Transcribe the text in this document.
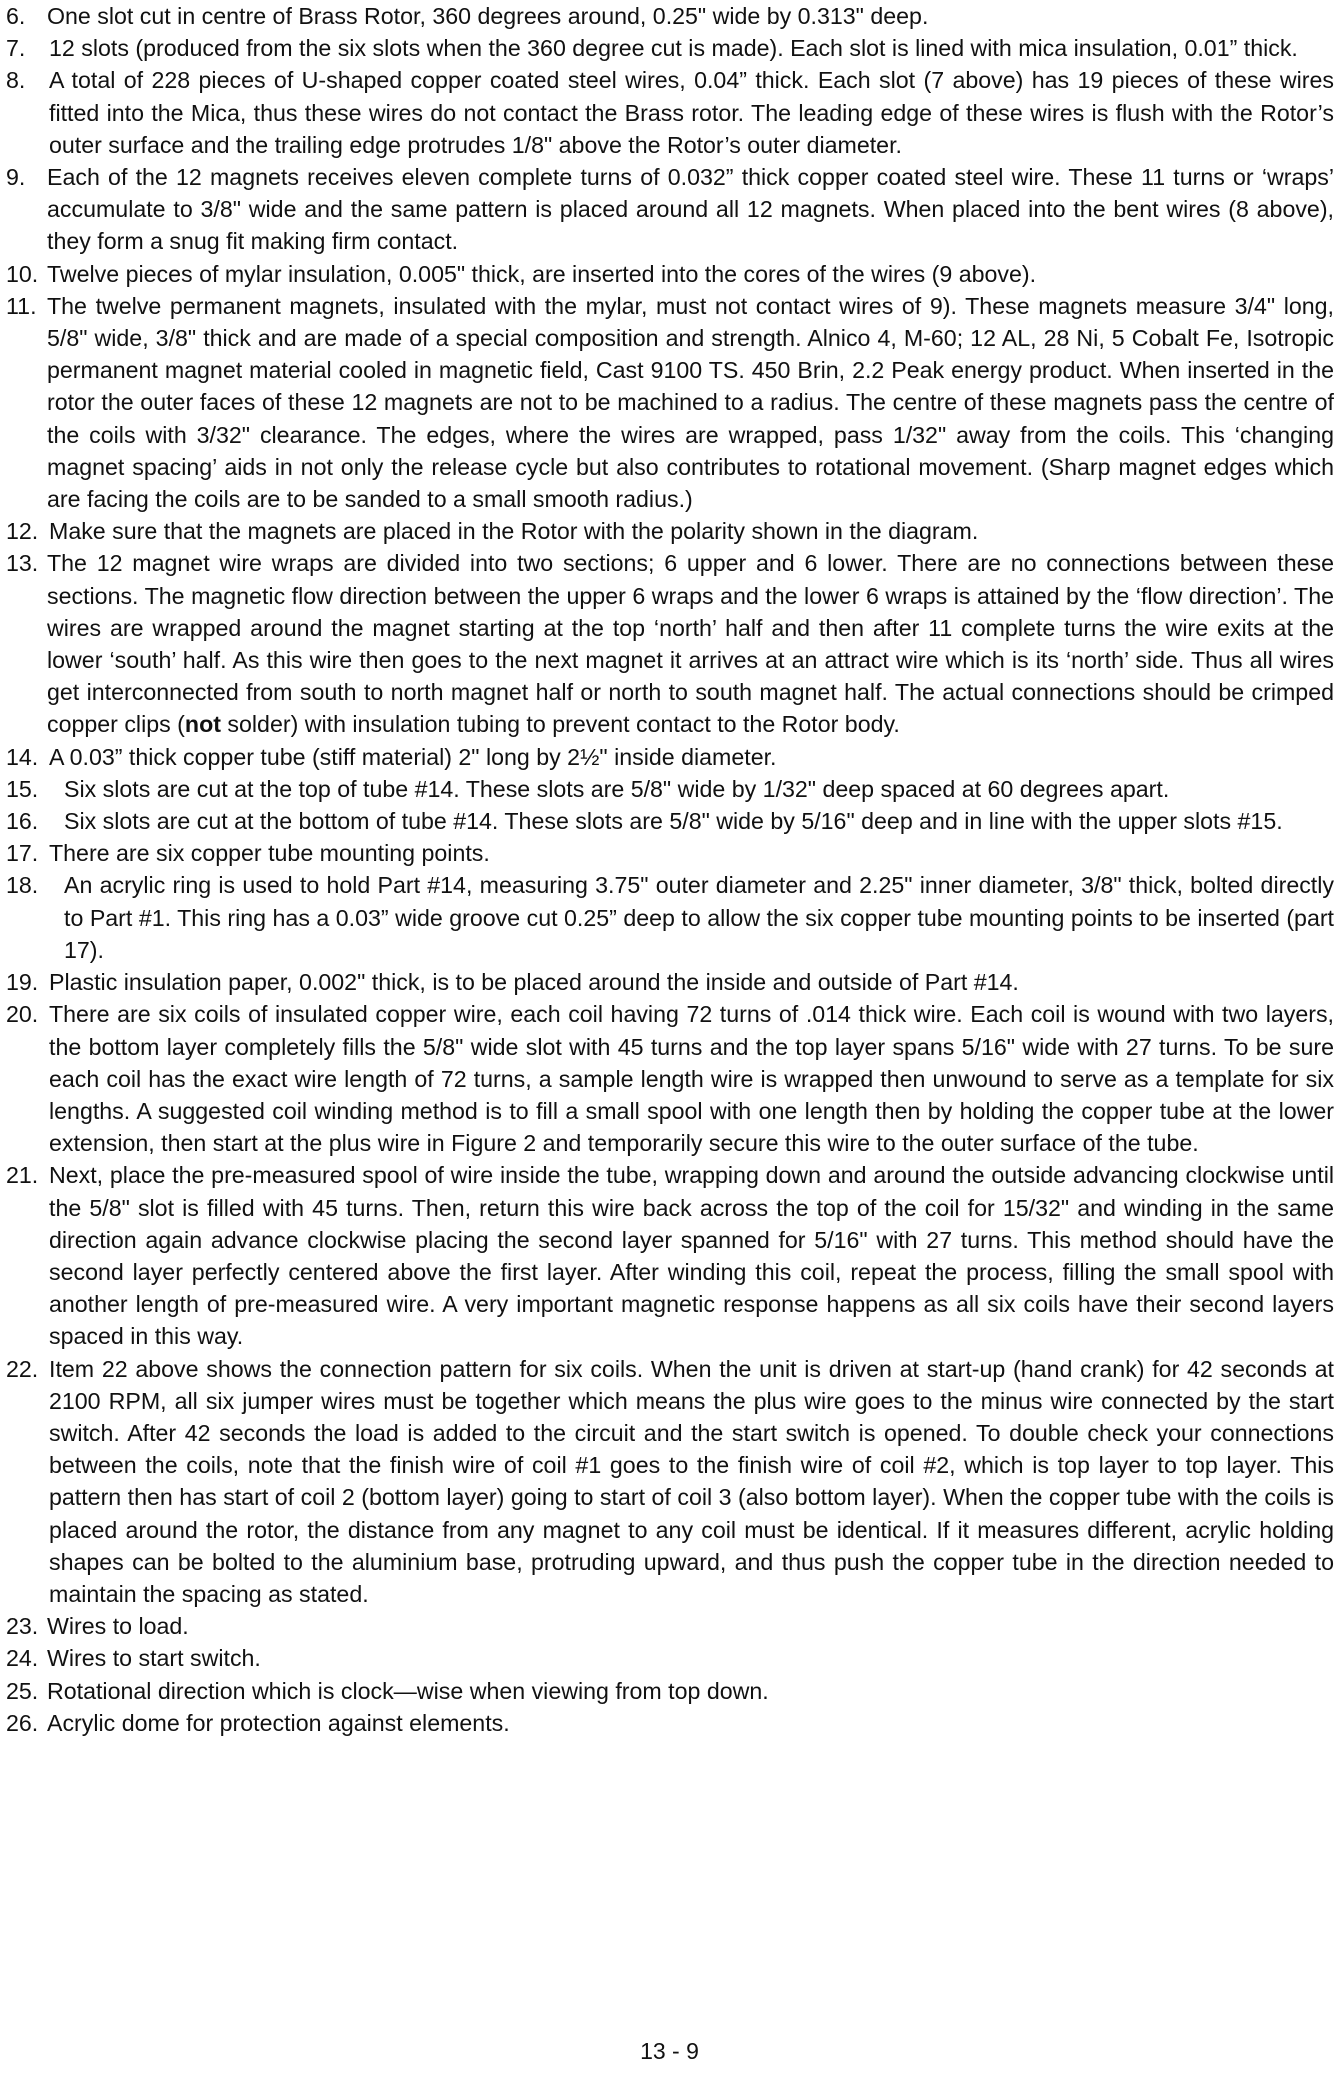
6. One slot cut in centre of Brass Rotor, 360 degrees around, 0.25" wide by 0.313" deep.
7.	12 slots (produced from the six slots when the 360 degree cut is made). Each slot is lined with mica insulation, 0.01” thick.
8.	A total of 228 pieces of U-shaped copper coated steel wires, 0.04” thick. Each slot (7 above) has 19 pieces of these wires fitted into the Mica, thus these wires do not contact the Brass rotor. The leading edge of these wires is flush with the Rotor’s outer surface and the trailing edge protrudes 1/8" above the Rotor’s outer diameter.
9. Each of the 12 magnets receives eleven complete turns of 0.032” thick copper coated steel wire. These 11 turns or ‘wraps’ accumulate to 3/8" wide and the same pattern is placed around all 12 magnets. When placed into the bent wires (8 above), they form a snug fit making firm contact.
10. Twelve pieces of mylar insulation, 0.005" thick, are inserted into the cores of the wires (9 above).
11. The twelve permanent magnets, insulated with the mylar, must not contact wires of 9). These magnets measure 3/4" long, 5/8" wide, 3/8" thick and are made of a special composition and strength. Alnico 4, M-60; 12 AL, 28 Ni, 5 Cobalt Fe, Isotropic permanent magnet material cooled in magnetic field, Cast 9100 TS. 450 Brin, 2.2 Peak energy product. When inserted in the rotor the outer faces of these 12 magnets are not to be machined to a radius. The centre of these magnets pass the centre of the coils with 3/32" clearance. The edges, where the wires are wrapped, pass 1/32" away from the coils. This ‘changing magnet spacing’ aids in not only the release cycle but also contributes to rotational movement. (Sharp magnet edges which are facing the coils are to be sanded to a small smooth radius.)
12. Make sure that the magnets are placed in the Rotor with the polarity shown in the diagram.
13. The 12 magnet wire wraps are divided into two sections; 6 upper and 6 lower. There are no connections between these sections. The magnetic flow direction between the upper 6 wraps and the lower 6 wraps is attained by the ‘flow direction’. The wires are wrapped around the magnet starting at the top ‘north’ half and then after 11 complete turns the wire exits at the lower ‘south’ half. As this wire then goes to the next magnet it arrives at an attract wire which is its ‘north’ side. Thus all wires get interconnected from south to north magnet half or north to south magnet half. The actual connections should be crimped copper clips (not solder) with insulation tubing to prevent contact to the Rotor body.
14. A 0.03” thick copper tube (stiff material) 2" long by 2½" inside diameter.
15.	Six slots are cut at the top of tube #14. These slots are 5/8" wide by 1/32" deep spaced at 60 degrees apart.
16.	Six slots are cut at the bottom of tube #14. These slots are 5/8" wide by 5/16" deep and in line with the upper slots #15.
17. There are six copper tube mounting points.
18.	An acrylic ring is used to hold Part #14, measuring 3.75" outer diameter and 2.25" inner diameter, 3/8" thick, bolted directly to Part #1. This ring has a 0.03” wide groove cut 0.25” deep to allow the six copper tube mounting points to be inserted (part 17).
19. Plastic insulation paper, 0.002" thick, is to be placed around the inside and outside of Part #14.
20. There are six coils of insulated copper wire, each coil having 72 turns of .014 thick wire. Each coil is wound with two layers, the bottom layer completely fills the 5/8" wide slot with 45 turns and the top layer spans 5/16" wide with 27 turns. To be sure each coil has the exact wire length of 72 turns, a sample length wire is wrapped then unwound to serve as a template for six lengths. A suggested coil winding method is to fill a small spool with one length then by holding the copper tube at the lower extension, then start at the plus wire in Figure 2 and temporarily secure this wire to the outer surface of the tube.
21. Next, place the pre-measured spool of wire inside the tube, wrapping down and around the outside advancing clockwise until the 5/8" slot is filled with 45 turns. Then, return this wire back across the top of the coil for 15/32" and winding in the same direction again advance clockwise placing the second layer spanned for 5/16" with 27 turns. This method should have the second layer perfectly centered above the first layer. After winding this coil, repeat the process, filling the small spool with another length of pre-measured wire. A very important magnetic response happens as all six coils have their second layers spaced in this way.
22. Item 22 above shows the connection pattern for six coils. When the unit is driven at start-up (hand crank) for 42 seconds at 2100 RPM, all six jumper wires must be together which means the plus wire goes to the minus wire connected by the start switch. After 42 seconds the load is added to the circuit and the start switch is opened. To double check your connections between the coils, note that the finish wire of coil #1 goes to the finish wire of coil #2, which is top layer to top layer. This pattern then has start of coil 2 (bottom layer) going to start of coil 3 (also bottom layer). When the copper tube with the coils is placed around the rotor, the distance from any magnet to any coil must be identical. If it measures different, acrylic holding shapes can be bolted to the aluminium base, protruding upward, and thus push the copper tube in the direction needed to maintain the spacing as stated.
23. Wires to load.
24. Wires to start switch.
25. Rotational direction which is clock—wise when viewing from top down.
26. Acrylic dome for protection against elements.
13 - 9
